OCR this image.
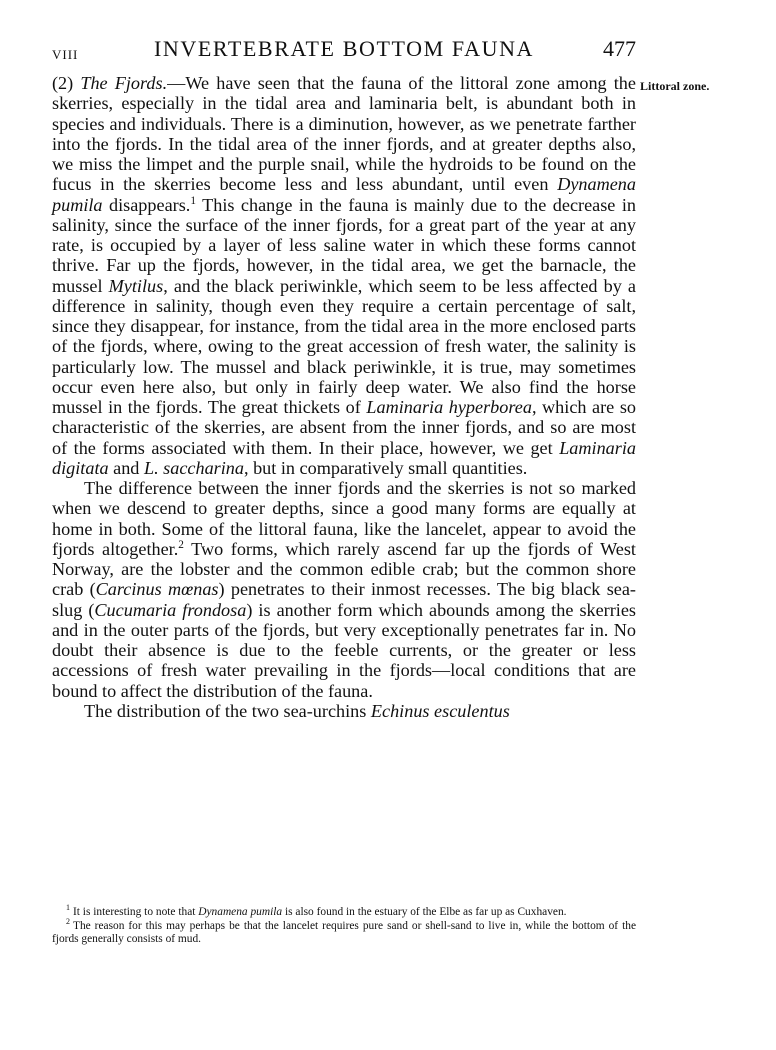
VIII	INVERTEBRATE BOTTOM FAUNA	477
Littoral zone.

(2) The Fjords.—We have seen that the fauna of the littoral zone among the skerries, especially in the tidal area and laminaria belt, is abundant both in species and individuals. There is a diminution, however, as we penetrate farther into the fjords. In the tidal area of the inner fjords, and at greater depths also, we miss the limpet and the purple snail, while the hydroids to be found on the fucus in the skerries become less and less abundant, until even Dynamena pumila disappears.$^1$ This change in the fauna is mainly due to the decrease in salinity, since the surface of the inner fjords, for a great part of the year at any rate, is occupied by a layer of less saline water in which these forms cannot thrive. Far up the fjords, however, in the tidal area, we get the barnacle, the mussel Mytilus, and the black periwinkle, which seem to be less affected by a difference in salinity, though even they require a certain percentage of salt, since they disappear, for instance, from the tidal area in the more enclosed parts of the fjords, where, owing to the great accession of fresh water, the salinity is particularly low. The mussel and black periwinkle, it is true, may sometimes occur even here also, but only in fairly deep water. We also find the horse mussel in the fjords. The great thickets of Laminaria hyperborea, which are so characteristic of the skerries, are absent from the inner fjords, and so are most of the forms associated with them. In their place, however, we get Laminaria digitata and L. saccharina, but in comparatively small quantities.

The difference between the inner fjords and the skerries is not so marked when we descend to greater depths, since a good many forms are equally at home in both. Some of the littoral fauna, like the lancelet, appear to avoid the fjords altogether.$^2$ Two forms, which rarely ascend far up the fjords of West Norway, are the lobster and the common edible crab; but the common shore crab (Carcinus mœnas) penetrates to their inmost recesses. The big black sea-slug (Cucumaria frondosa) is another form which abounds among the skerries and in the outer parts of the fjords, but very exceptionally penetrates far in. No doubt their absence is due to the feeble currents, or the greater or less accessions of fresh water prevailing in the fjords—local conditions that are bound to affect the distribution of the fauna.

The distribution of the two sea-urchins Echinus esculentus

$^1$ It is interesting to note that Dynamena pumila is also found in the estuary of the Elbe as far up as Cuxhaven.

$^2$ The reason for this may perhaps be that the lancelet requires pure sand or shell-sand to live in, while the bottom of the fjords generally consists of mud.
